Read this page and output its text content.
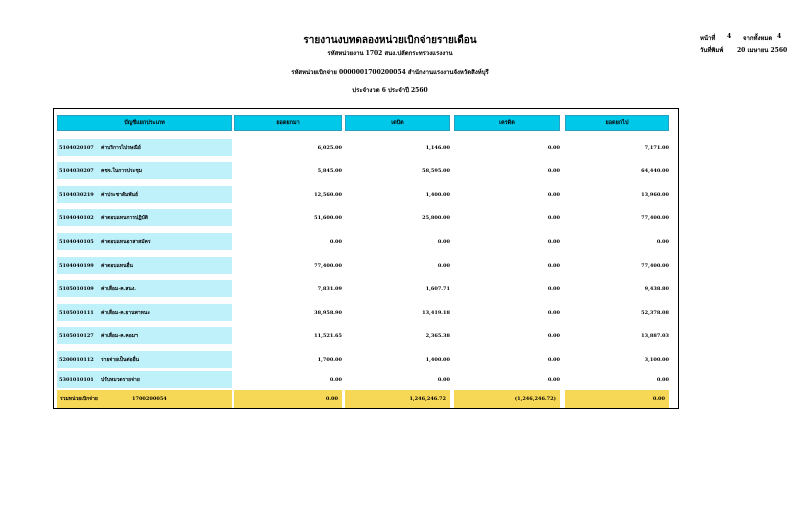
รายงานงบทดลองหน่วยเบิกจ่ายรายเดือน
รหัสหน่วยงาน 1702 สนง.ปลัดกระทรวงแรงงาน
รหัสหน่วยเบิกจ่าย 0000001700200054 สำนักงานแรงงานจังหวัดสิงห์บุรี
ประจำงวด 6 ประจำปี 2560
หน้าที่ 4 จากทั้งหมด 4
วันที่พิมพ์ 20 เมษายน 2560
บัญชีแยกประเภท	ยอดยกมา	เดบิต	เครดิต	ยอดยกไป
5104020107	ค่าบริการไปรษณีย์	6,025.00	1,146.00	0.00	7,171.00
5104030207	คชจ.ในการประชุม	5,845.00	58,595.00	0.00	64,440.00
5104030219	ค่าประชาสัมพันธ์	12,560.00	1,400.00	0.00	13,960.00
5104040102	ค่าตอบแทนการปฏิบัติ	51,600.00	25,800.00	0.00	77,400.00
5104040105	ค่าตอบแทนอาสาสมัคร	0.00	0.00	0.00	0.00
5104040199	ค่าตอบแทนอื่น	77,400.00	0.00	0.00	77,400.00
5105010109	ค่าเสื่อม-ค.สนง.	7,831.09	1,607.71	0.00	9,438.80
5105010111	ค่าเสื่อม-ค.ยานพาหนะ	38,958.90	13,419.18	0.00	52,378.08
5105010127	ค่าเสื่อม-ค.คอมฯ	11,521.65	2,365.38	0.00	13,887.03
5200010112	รายจ่ายเป็นต่ออื่น	1,700.00	1,400.00	0.00	3,100.00
5301010101	ปรับหมวดรายจ่าย	0.00	0.00	0.00	0.00
รวมหน่วยเบิกจ่าย	1700200054	0.00	1,246,246.72	(1,246,246.72)	0.00
